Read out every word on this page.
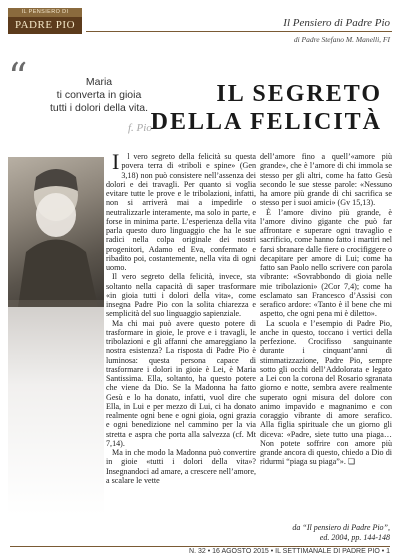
IL PENSIERO DI
PADRE PIO	Il Pensiero di Padre Pio
di Padre Stefano M. Manelli, FI
“	Maria
ti converta in gioia
tutti i dolori della vita.
f. Pio
IL SEGRETO
DELLA FELICITÀ

Il vero segreto della felicità su questa povera terra di «triboli e spine» (Gen 3,18) non può consistere nell’assenza dei dolori e dei travagli. Per quanto si voglia evitare tutte le prove e le tribolazioni, infatti, non si arriverà mai a impedirle o neutralizzarle interamente, ma solo in parte, e forse in minima parte. L’esperienza della vita parla questo duro linguaggio che ha le sue radici nella colpa originale dei nostri progenitori, Adamo ed Eva, confermato e ribadito poi, costantemente, nella vita di ogni uomo.

Il vero segreto della felicità, invece, sta soltanto nella capacità di saper trasformare «in gioia tutti i dolori della vita», come insegna Padre Pio con la solita chiarezza e semplicità del suo linguaggio sapienziale.

Ma chi mai può avere questo potere di trasformare in gioie, le prove e i travagli, le tribolazioni e gli affanni che amareggiano la nostra esistenza? La risposta di Padre Pio è luminosa: questa persona capace di trasformare i dolori in gioie è Lei, è Maria Santissima. Ella, soltanto, ha questo potere che viene da Dio. Se la Madonna ha fatto Gesù e lo ha donato, infatti, vuol dire che Ella, in Lui e per mezzo di Lui, ci ha donato realmente ogni bene e ogni gioia, ogni grazia e ogni benedizione nel cammino per la via stretta e aspra che porta alla salvezza (cf. Mt 7,14).

Ma in che modo la Madonna può convertire in gioie «tutti i dolori della vita»? Insegnandoci ad amare, a crescere nell’amore, a scalare le vette

dell’amore fino a quell’«amore più grande», che è l’amore di chi immola se stesso per gli altri, come ha fatto Gesù secondo le sue stesse parole: «Nessuno ha amore più grande di chi sacrifica se stesso per i suoi amici» (Gv 15,13).

È l’amore divino più grande, è l’amore divino gigante che può far affrontare e superare ogni travaglio e sacrificio, come hanno fatto i martiri nel farsi sbranare dalle fiere o crocifiggere o decapitare per amore di Lui; come ha fatto san Paolo nello scrivere con parola vibrante: «Sovrabbondo di gioia nelle mie tribolazioni» (2Cor 7,4); come ha esclamato san Francesco d’Assisi con serafico ardore: «Tanto è il bene che mi aspetto, che ogni pena mi è diletto».

La scuola e l’esempio di Padre Pio, anche in questo, toccano i vertici della perfezione. Crocifisso sanguinante durante i cinquant’anni di stimmatizzazione, Padre Pio, sempre sotto gli occhi dell’Addolorata e legato a Lei con la corona del Rosario sgranata giorno e notte, sembra avere realmente superato ogni misura del dolore con animo impavido e magnanimo e con coraggio vibrante di amore serafico. Alla figlia spirituale che un giorno gli diceva: «Padre, siete tutto una piaga… Non potete soffrire con amore più grande ancora di questo, chiedo a Dio di ridurmi “piaga su piaga”». ❏

da “Il pensiero di Padre Pio”,
ed. 2004, pp. 144-148
N. 32 • 16 AGOSTO 2015 • IL SETTIMANALE DI PADRE PIO • 1
